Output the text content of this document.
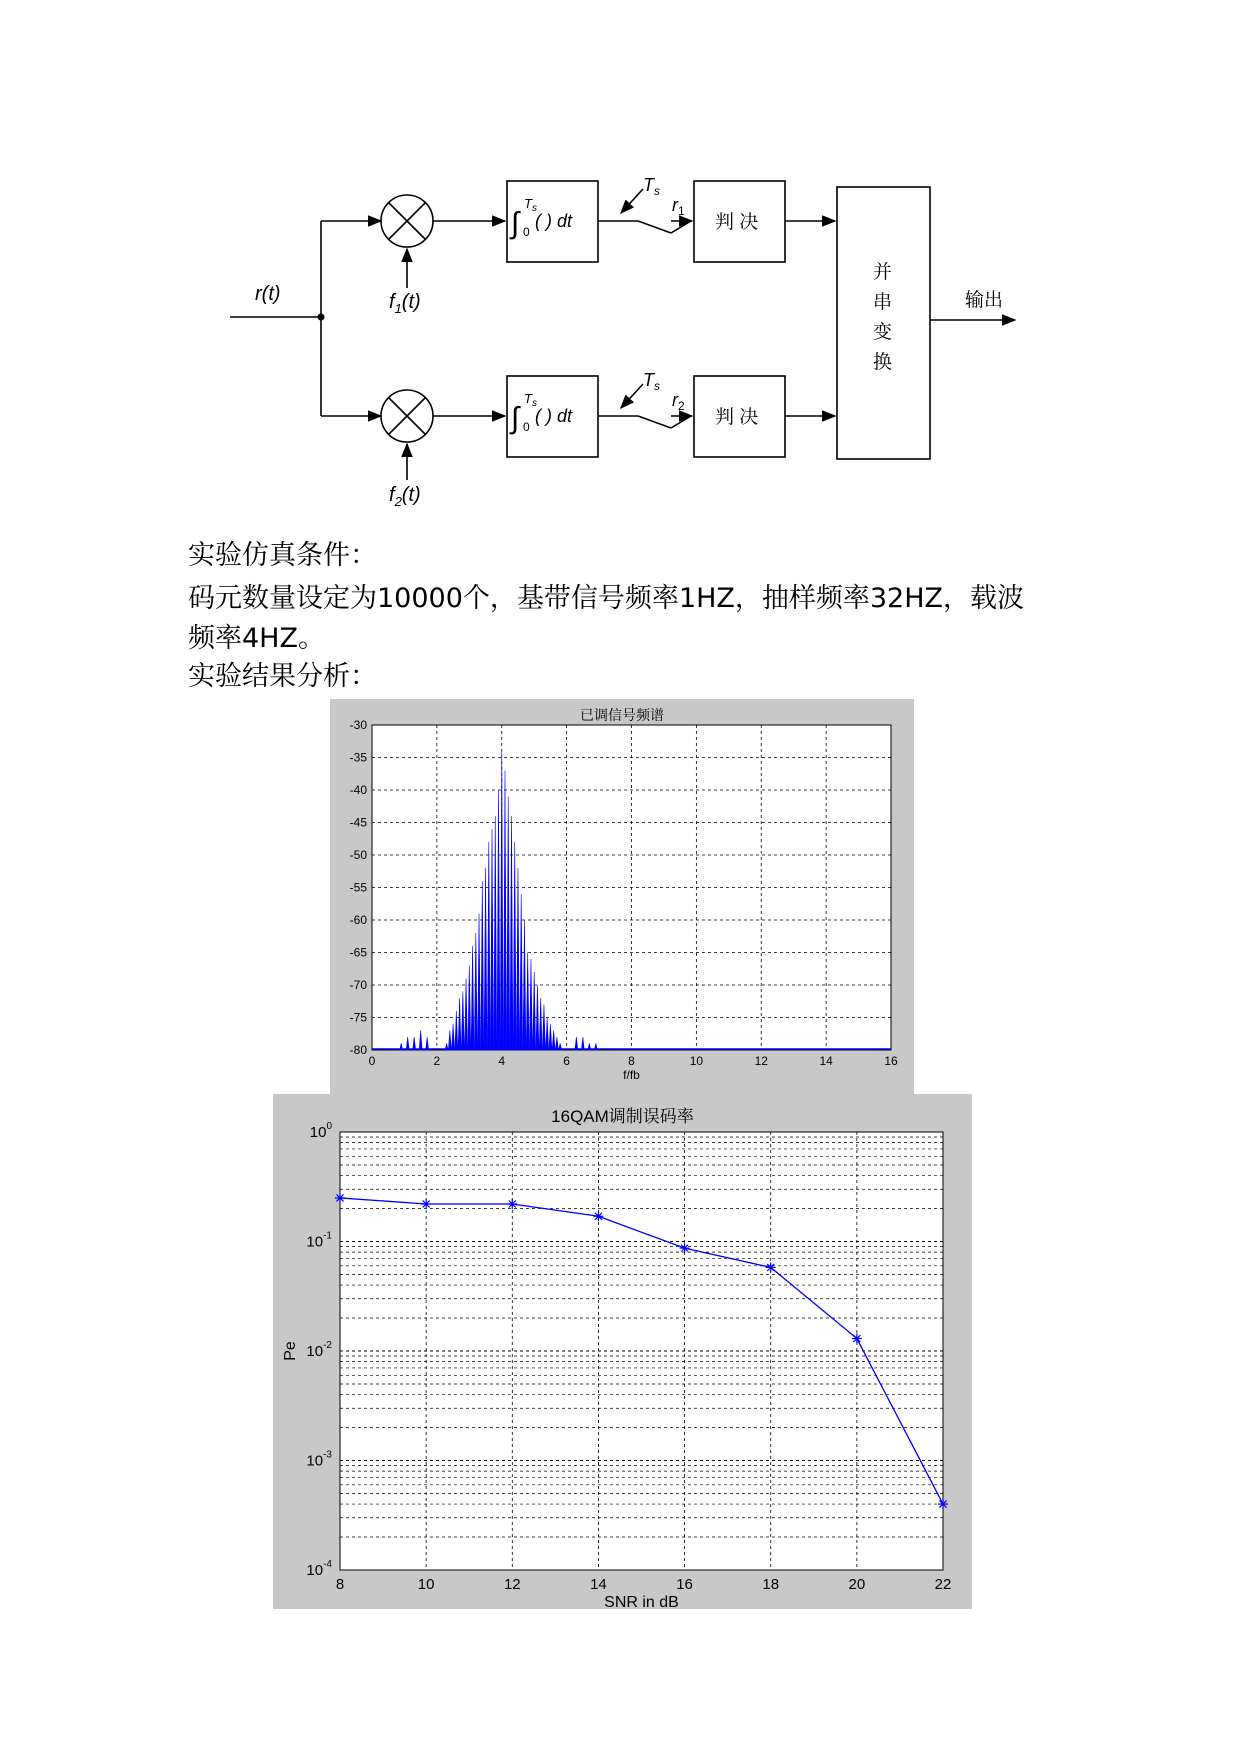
r(t)	$f_1(t)$
∫
$T_s$
0
( ) dt
$T_s$
$r_1$
$f_2(t)$
∫
$T_s$
0
( ) dt
$T_s$
$r_2$
判 决
判 决
并
串
变
换
输出

实验仿真条件：

码元数量设定为10000个，基带信号频率1HZ，抽样频率32HZ，载波

频率4HZ。

实验结果分析：

已调信号频谱
0	2	4	6	8	10	12	14	16
-30
-35
-40
-45
-50
-55
-60
-65
-70
-75
-80
f/fb
16QAM调制误码率
8	10	12	14	16	18	20	22
$10^0$
$10^{-1}$
$10^{-2}$
$10^{-3}$
$10^{-4}$
SNR in dB
Pe
